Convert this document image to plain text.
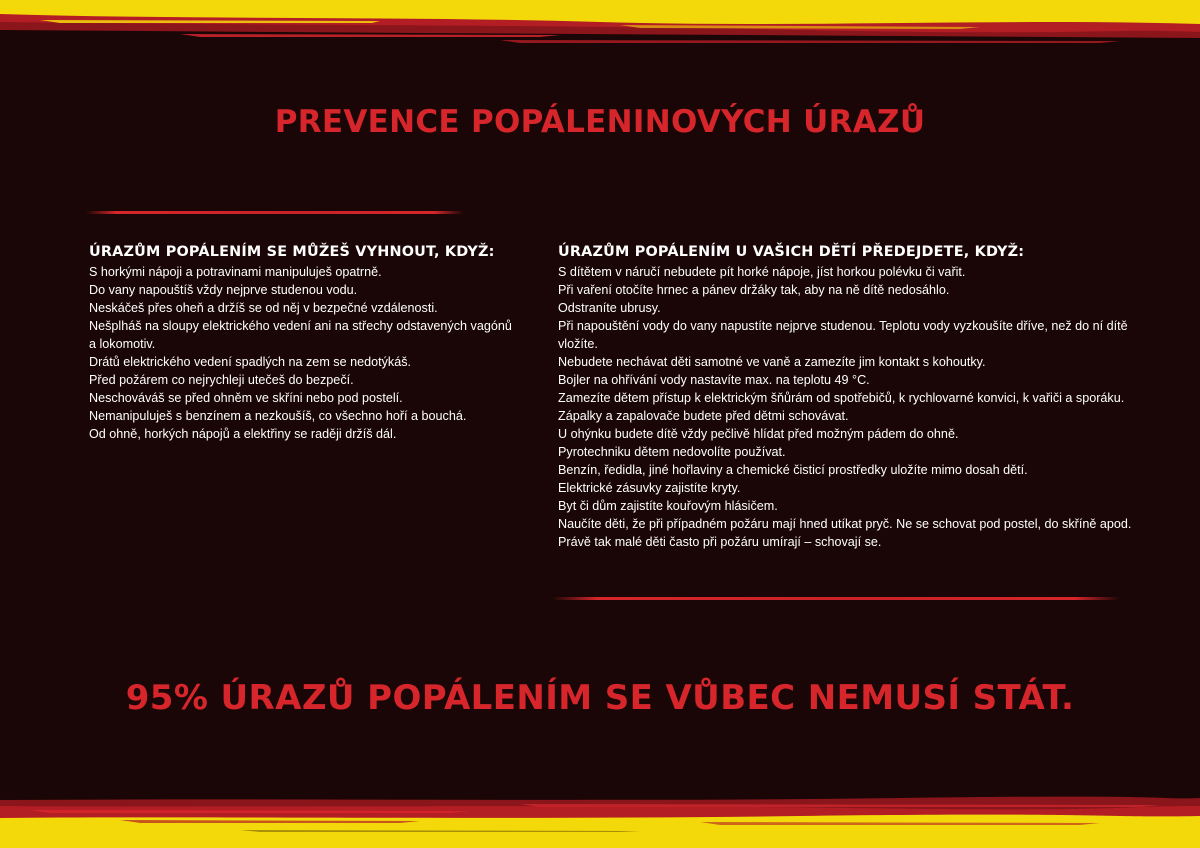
PREVENCE POPÁLENINOVÝCH ÚRAZŮ
ÚRAZŮM POPÁLENÍM SE MŮŽEŠ VYHNOUT, KDYŽ:
S horkými nápoji a potravinami manipuluješ opatrně.
Do vany napouštíš vždy nejprve studenou vodu.
Neskáčeš přes oheň a držíš se od něj v bezpečné vzdálenosti.
Nešplháš na sloupy elektrického vedení ani na střechy odstavených vagónů a lokomotiv.
Drátů elektrického vedení spadlých na zem se nedotýkáš.
Před požárem co nejrychleji utečeš do bezpečí.
Neschováváš se před ohněm ve skříni nebo pod postelí.
Nemanipuluješ s benzínem a nezkoušíš, co všechno hoří a bouchá.
Od ohně, horkých nápojů a elektřiny se raději držíš dál.
ÚRAZŮM POPÁLENÍM U VAŠICH DĚTÍ PŘEDEJDETE, KDYŽ:
S dítětem v náručí nebudete pít horké nápoje, jíst horkou polévku či vařit.
Při vaření otočíte hrnec a pánev držáky tak, aby na ně dítě nedosáhlo.
Odstraníte ubrusy.
Při napouštění vody do vany napustíte nejprve studenou. Teplotu vody vyzkoušíte dříve, než do ní dítě vložíte.
Nebudete nechávat děti samotné ve vaně a zamezíte jim kontakt s kohoutky.
Bojler na ohřívání vody nastavíte max. na teplotu 49 °C.
Zamezíte dětem přístup k elektrickým šňůrám od spotřebičů, k rychlovarné konvici, k vařiči a sporáku.
Zápalky a zapalovače budete před dětmi schovávat.
U ohýnku budete dítě vždy pečlivě hlídat před možným pádem do ohně.
Pyrotechniku dětem nedovolíte používat.
Benzín, ředidla, jiné hořlaviny a chemické čisticí prostředky uložíte mimo dosah dětí.
Elektrické zásuvky zajistíte kryty.
Byt či dům zajistíte kouřovým hlásičem.
Naučíte děti, že při případném požáru mají hned utíkat pryč. Ne se schovat pod postel, do skříně apod. Právě tak malé děti často při požáru umírají – schovají se.
95% ÚRAZŮ POPÁLENÍM SE VŮBEC NEMUSÍ STÁT.
